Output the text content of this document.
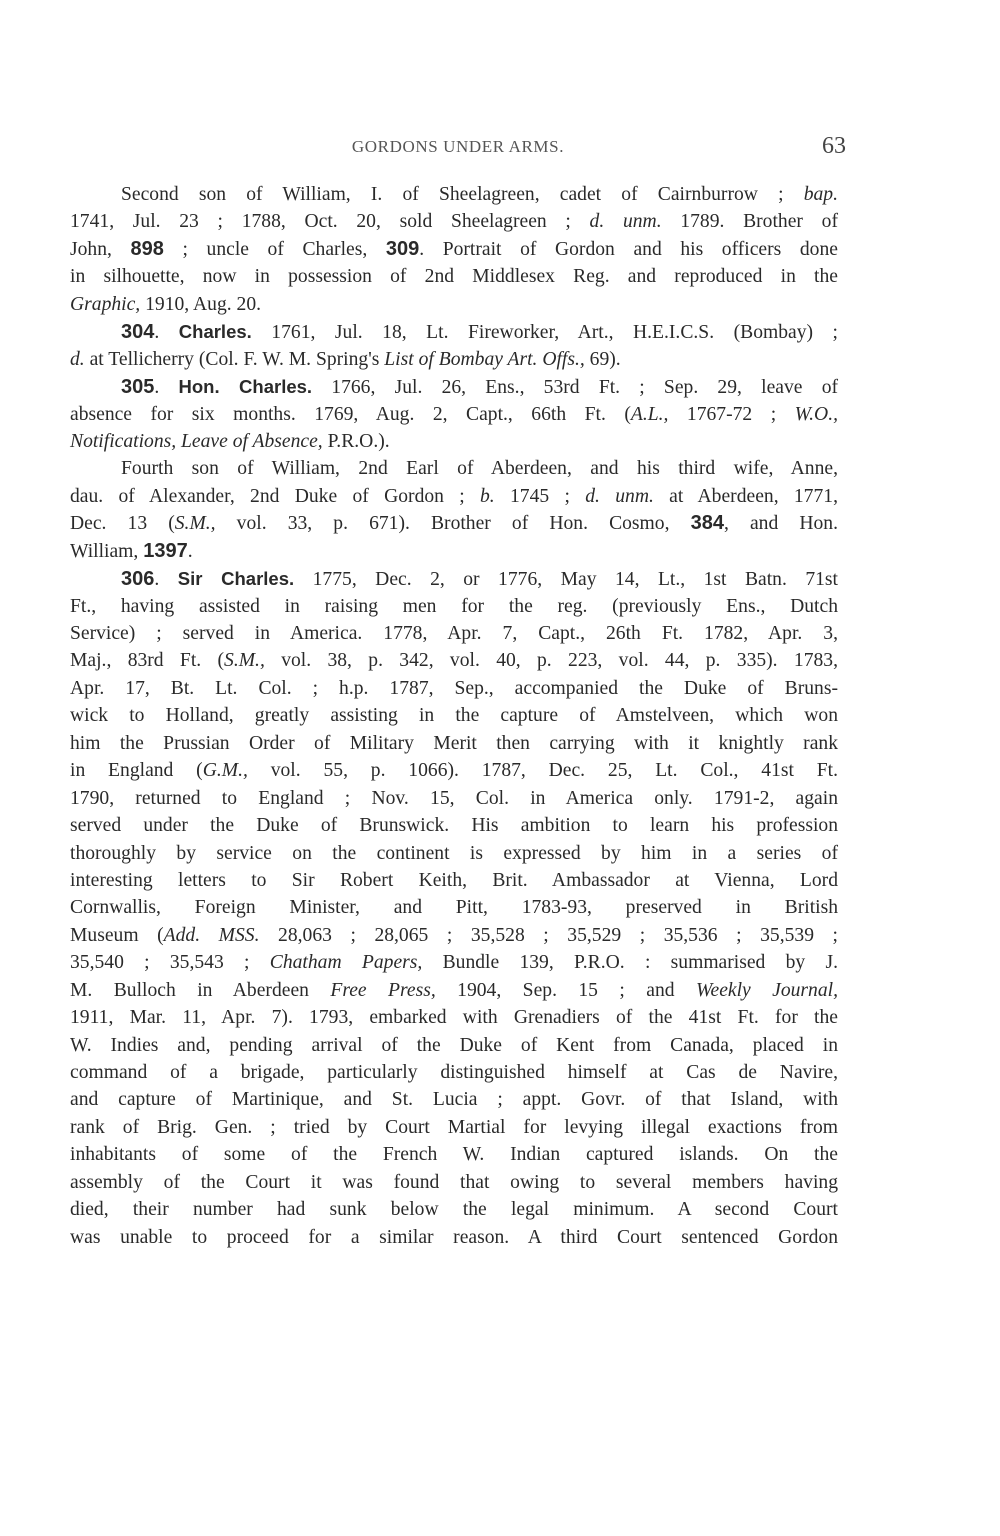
GORDONS UNDER ARMS.	63
Second son of William, I. of Sheelagreen, cadet of Cairnburrow ; bap.
1741, Jul. 23 ; 1788, Oct. 20, sold Sheelagreen ; d. unm. 1789. Brother of
John, 898 ; uncle of Charles, 309. Portrait of Gordon and his officers done
in silhouette, now in possession of 2nd Middlesex Reg. and reproduced in the
Graphic, 1910, Aug. 20.
304. Charles. 1761, Jul. 18, Lt. Fireworker, Art., H.E.I.C.S. (Bombay) ;
d. at Tellicherry (Col. F. W. M. Spring's List of Bombay Art. Offs., 69).
305. Hon. Charles. 1766, Jul. 26, Ens., 53rd Ft. ; Sep. 29, leave of
absence for six months. 1769, Aug. 2, Capt., 66th Ft. (A.L., 1767-72 ; W.O.,
Notifications, Leave of Absence, P.R.O.).
Fourth son of William, 2nd Earl of Aberdeen, and his third wife, Anne,
dau. of Alexander, 2nd Duke of Gordon ; b. 1745 ; d. unm. at Aberdeen, 1771,
Dec. 13 (S.M., vol. 33, p. 671). Brother of Hon. Cosmo, 384, and Hon.
William, 1397.
306. Sir Charles. 1775, Dec. 2, or 1776, May 14, Lt., 1st Batn. 71st
Ft., having assisted in raising men for the reg. (previously Ens., Dutch
Service) ; served in America. 1778, Apr. 7, Capt., 26th Ft. 1782, Apr. 3,
Maj., 83rd Ft. (S.M., vol. 38, p. 342, vol. 40, p. 223, vol. 44, p. 335). 1783,
Apr. 17, Bt. Lt. Col. ; h.p. 1787, Sep., accompanied the Duke of Bruns-
wick to Holland, greatly assisting in the capture of Amstelveen, which won
him the Prussian Order of Military Merit then carrying with it knightly rank
in England (G.M., vol. 55, p. 1066). 1787, Dec. 25, Lt. Col., 41st Ft.
1790, returned to England ; Nov. 15, Col. in America only. 1791-2, again
served under the Duke of Brunswick. His ambition to learn his profession
thoroughly by service on the continent is expressed by him in a series of
interesting letters to Sir Robert Keith, Brit. Ambassador at Vienna, Lord
Cornwallis, Foreign Minister, and Pitt, 1783-93, preserved in British
Museum (Add. MSS. 28,063 ; 28,065 ; 35,528 ; 35,529 ; 35,536 ; 35,539 ;
35,540 ; 35,543 ; Chatham Papers, Bundle 139, P.R.O. : summarised by J.
M. Bulloch in Aberdeen Free Press, 1904, Sep. 15 ; and Weekly Journal,
1911, Mar. 11, Apr. 7). 1793, embarked with Grenadiers of the 41st Ft. for the
W. Indies and, pending arrival of the Duke of Kent from Canada, placed in
command of a brigade, particularly distinguished himself at Cas de Navire,
and capture of Martinique, and St. Lucia ; appt. Govr. of that Island, with
rank of Brig. Gen. ; tried by Court Martial for levying illegal exactions from
inhabitants of some of the French W. Indian captured islands. On the
assembly of the Court it was found that owing to several members having
died, their number had sunk below the legal minimum. A second Court
was unable to proceed for a similar reason. A third Court sentenced Gordon
